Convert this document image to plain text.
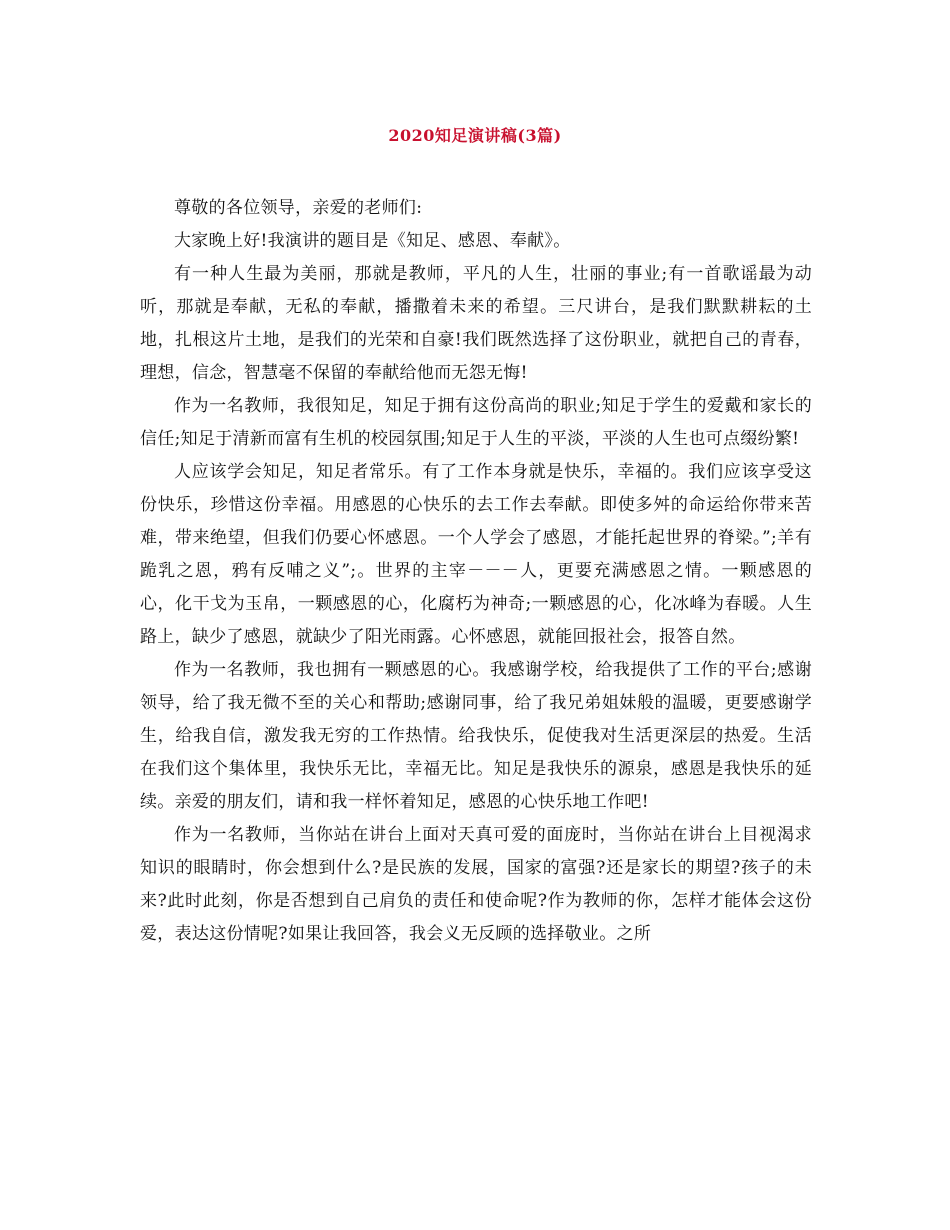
2020知足演讲稿(3篇)

尊敬的各位领导，亲爱的老师们:

大家晚上好!我演讲的题目是《知足、感恩、奉献》。

有一种人生最为美丽，那就是教师，平凡的人生，壮丽的事业;有一首歌谣最为动听，那就是奉献，无私的奉献，播撒着未来的希望。三尺讲台，是我们默默耕耘的土地，扎根这片土地，是我们的光荣和自豪!我们既然选择了这份职业，就把自己的青春，理想，信念，智慧毫不保留的奉献给他而无怨无悔!

作为一名教师，我很知足，知足于拥有这份高尚的职业;知足于学生的爱戴和家长的信任;知足于清新而富有生机的校园氛围;知足于人生的平淡，平淡的人生也可点缀纷繁!

人应该学会知足，知足者常乐。有了工作本身就是快乐，幸福的。我们应该享受这份快乐，珍惜这份幸福。用感恩的心快乐的去工作去奉献。即使多舛的命运给你带来苦难，带来绝望，但我们仍要心怀感恩。一个人学会了感恩，才能托起世界的脊梁。”;羊有跪乳之恩，鸦有反哺之义”;。世界的主宰－－－人，更要充满感恩之情。一颗感恩的心，化干戈为玉帛，一颗感恩的心，化腐朽为神奇;一颗感恩的心，化冰峰为春暖。人生路上，缺少了感恩，就缺少了阳光雨露。心怀感恩，就能回报社会，报答自然。

作为一名教师，我也拥有一颗感恩的心。我感谢学校，给我提供了工作的平台;感谢领导，给了我无微不至的关心和帮助;感谢同事，给了我兄弟姐妹般的温暖，更要感谢学生，给我自信，激发我无穷的工作热情。给我快乐，促使我对生活更深层的热爱。生活在我们这个集体里，我快乐无比，幸福无比。知足是我快乐的源泉，感恩是我快乐的延续。亲爱的朋友们，请和我一样怀着知足，感恩的心快乐地工作吧!

作为一名教师，当你站在讲台上面对天真可爱的面庞时，当你站在讲台上目视渴求知识的眼睛时，你会想到什么?是民族的发展，国家的富强?还是家长的期望?孩子的未来?此时此刻，你是否想到自己肩负的责任和使命呢?作为教师的你，怎样才能体会这份爱，表达这份情呢?如果让我回答，我会义无反顾的选择敬业。之所
